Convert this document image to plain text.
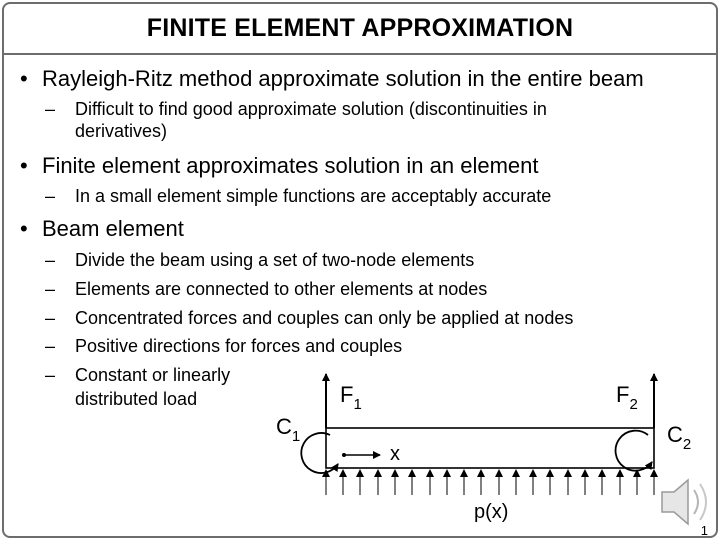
FINITE ELEMENT APPROXIMATION
• Rayleigh-Ritz method approximate solution in the entire beam
– Difficult to find good approximate solution (discontinuities in
derivatives)
• Finite element approximates solution in an element
– In a small element simple functions are acceptably accurate
• Beam element
– Divide the beam using a set of two-node elements
– Elements are connected to other elements at nodes
– Concentrated forces and couples can only be applied at nodes
– Positive directions for forces and couples
– Constant or linearly
distributed load	$F_1$	$F_2$
$C_1$	$C_2$
x
p(x)
1
